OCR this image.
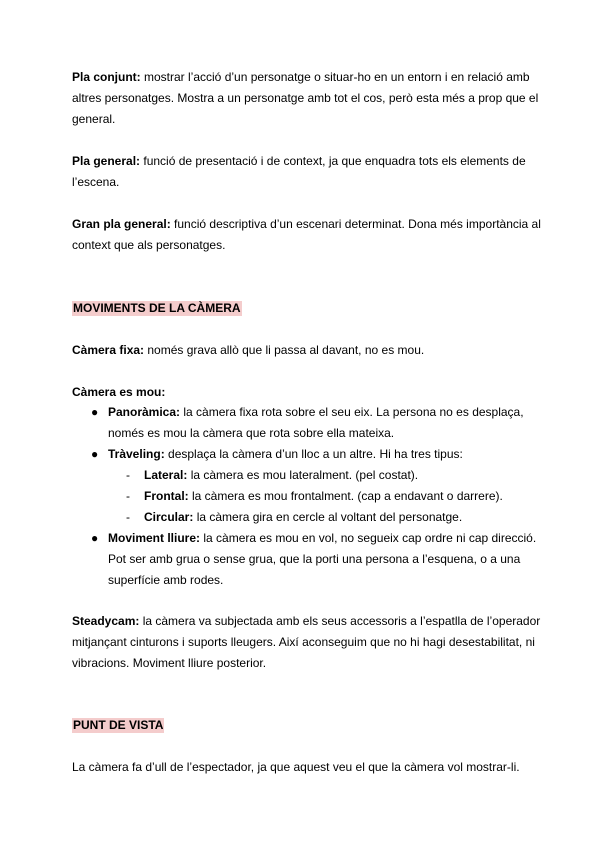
Pla conjunt: mostrar l’acció d’un personatge o situar-ho en un entorn i en relació amb altres personatges. Mostra a un personatge amb tot el cos, però esta més a prop que el general.

Pla general: funció de presentació i de context, ja que enquadra tots els elements de l’escena.

Gran pla general: funció descriptiva d’un escenari determinat. Dona més importància al context que als personatges.

MOVIMENTS DE LA CÀMERA

Càmera fixa: només grava allò que li passa al davant, no es mou.

Càmera es mou:

● Panoràmica: la càmera fixa rota sobre el seu eix. La persona no es desplaça, només es mou la càmera que rota sobre ella mateixa.
● Tràveling: desplaça la càmera d’un lloc a un altre. Hi ha tres tipus:
- Lateral: la càmera es mou lateralment. (pel costat).
- Frontal: la càmera es mou frontalment. (cap a endavant o darrere).
- Circular: la càmera gira en cercle al voltant del personatge.
● Moviment lliure: la càmera es mou en vol, no segueix cap ordre ni cap direcció. Pot ser amb grua o sense grua, que la porti una persona a l’esquena, o a una superfície amb rodes.

Steadycam: la càmera va subjectada amb els seus accessoris a l’espatlla de l’operador mitjançant cinturons i suports lleugers. Així aconseguim que no hi hagi desestabilitat, ni vibracions. Moviment lliure posterior.

PUNT DE VISTA

La càmera fa d’ull de l’espectador, ja que aquest veu el que la càmera vol mostrar-li.
